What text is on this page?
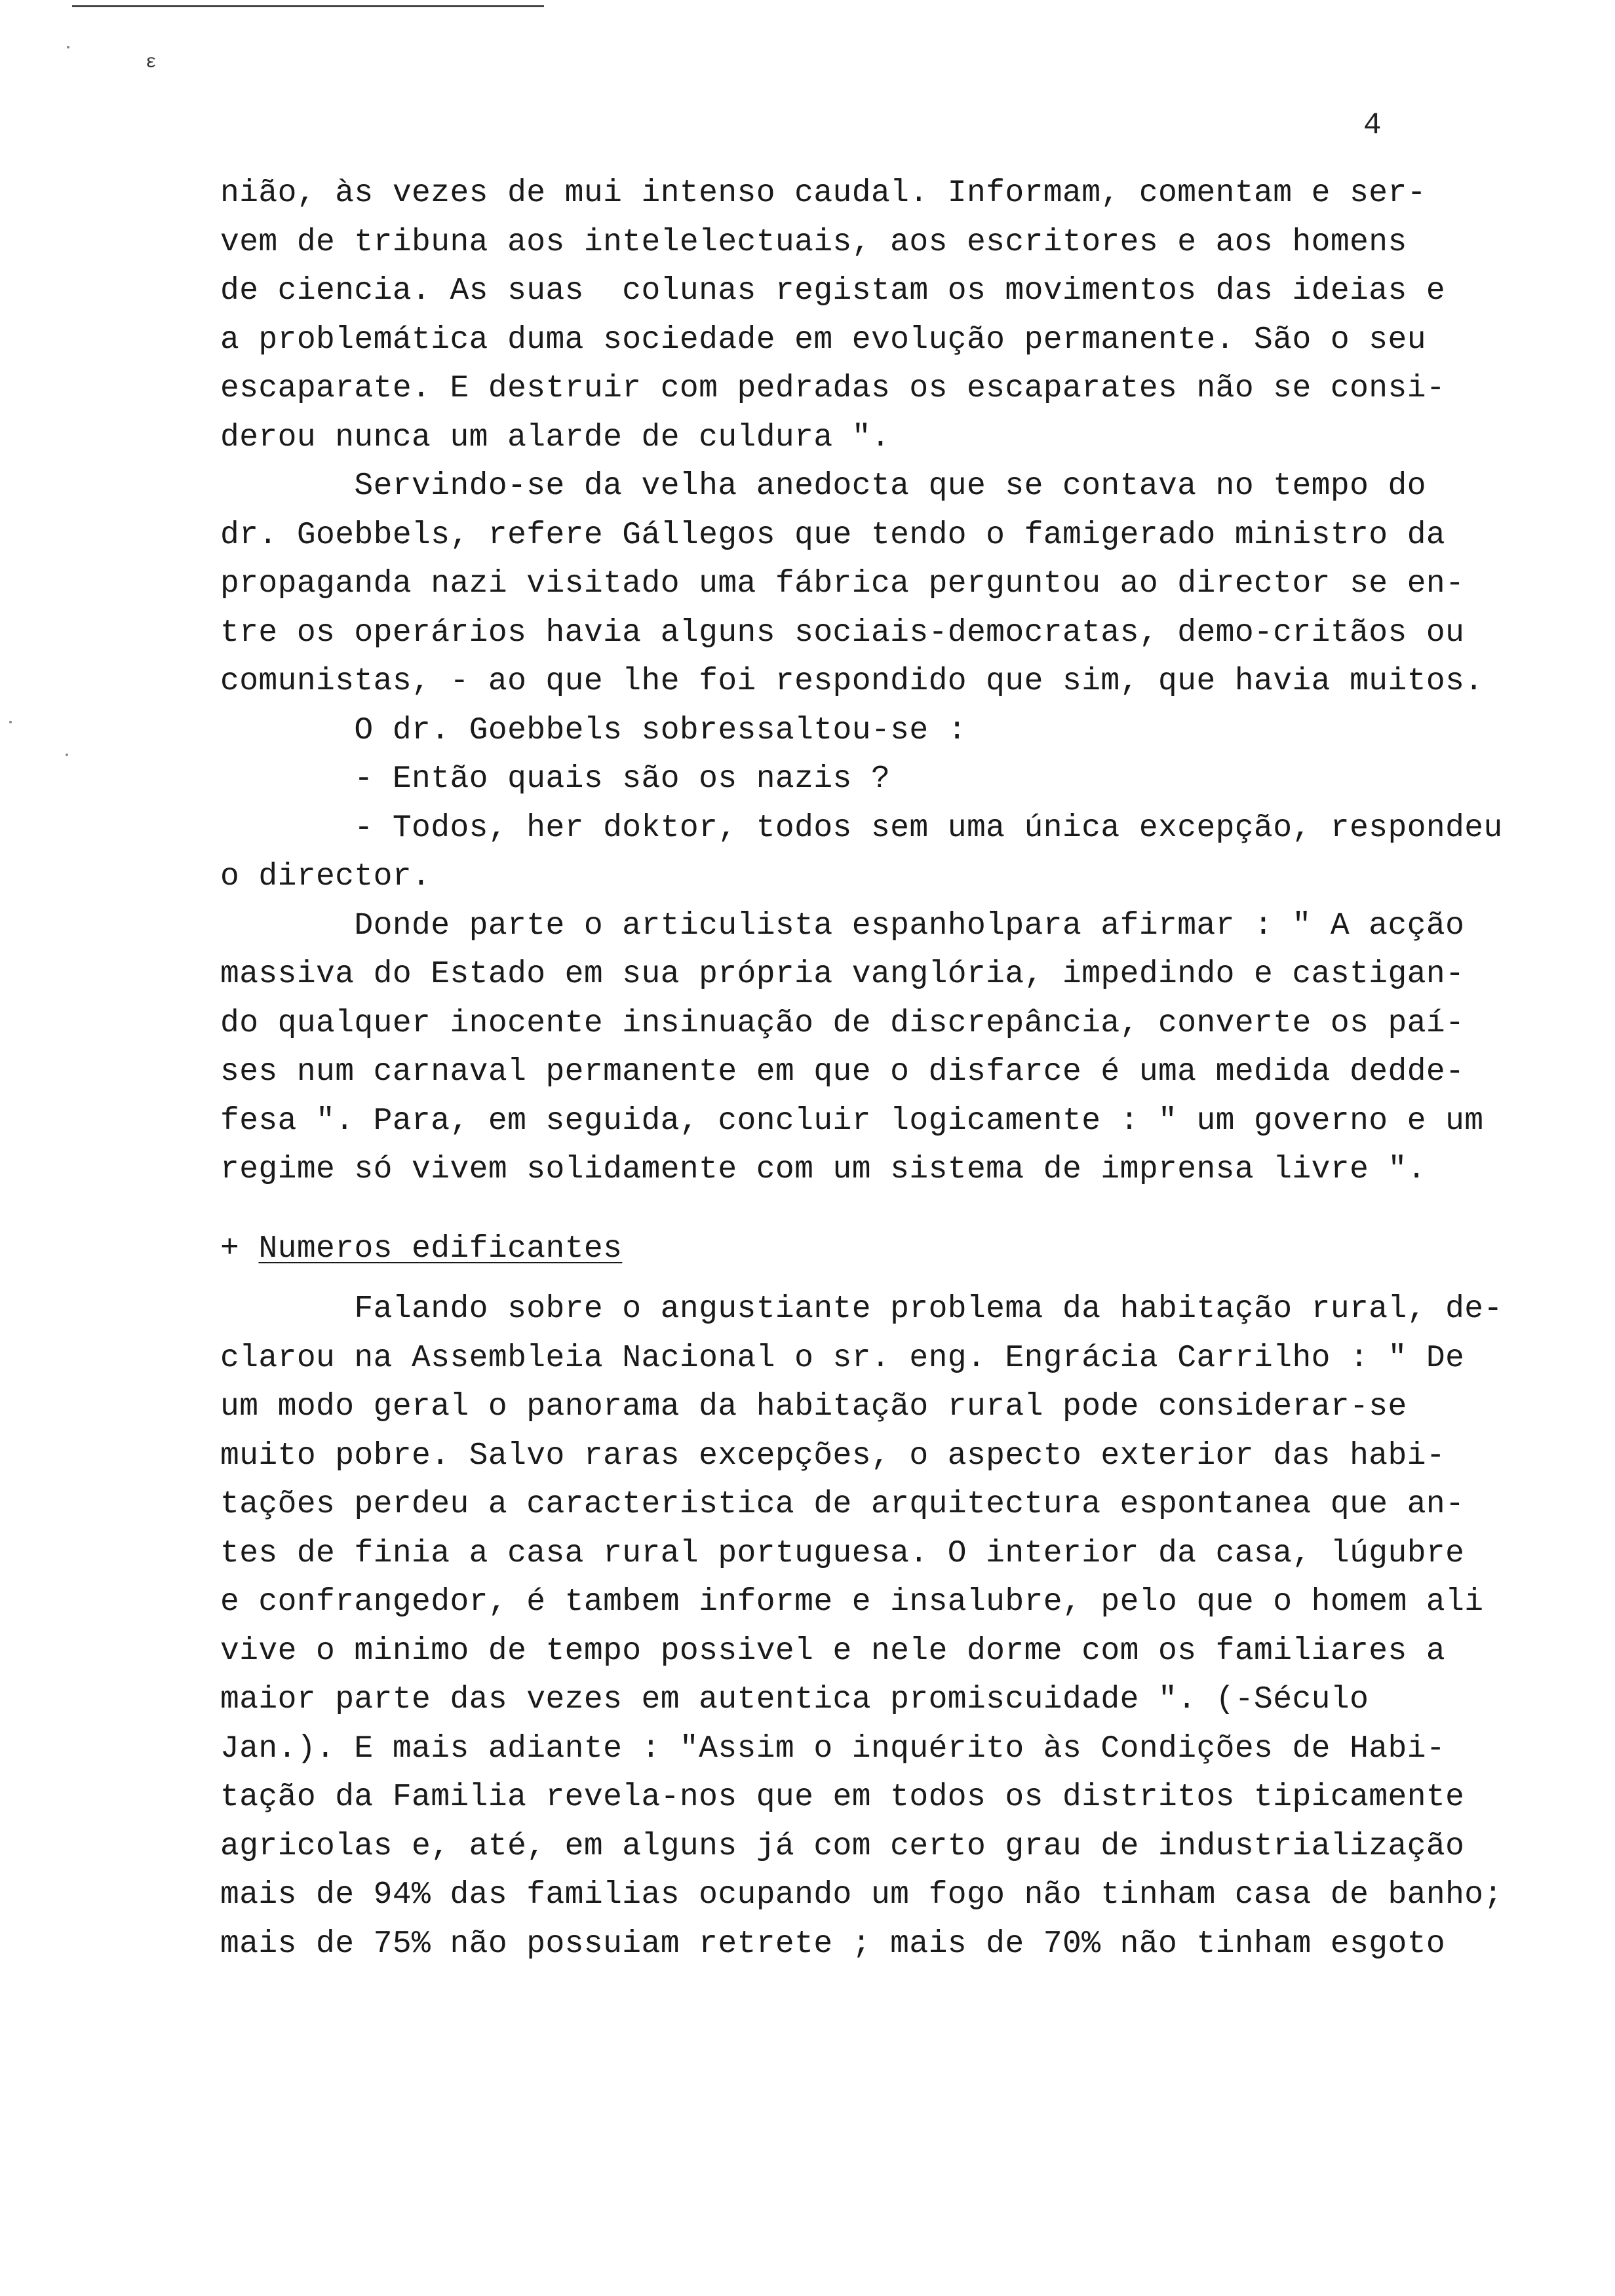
ε
4
nião, às vezes de mui intenso caudal. Informam, comentam e ser-
vem de tribuna aos intelelectuais, aos escritores e aos homens
de ciencia. As suas  colunas registam os movimentos das ideias e
a problemática duma sociedade em evolução permanente. São o seu
escaparate. E destruir com pedradas os escaparates não se consi-
derou nunca um alarde de culdura ".
Servindo-se da velha anedocta que se contava no tempo do
dr. Goebbels, refere Gállegos que tendo o famigerado ministro da
propaganda nazi visitado uma fábrica perguntou ao director se en-
tre os operários havia alguns sociais-democratas, demo-critãos ou
comunistas, - ao que lhe foi respondido que sim, que havia muitos.
O dr. Goebbels sobressaltou-se :
- Então quais são os nazis ?
- Todos, her doktor, todos sem uma única excepção, respondeu
o director.
Donde parte o articulista espanholpara afirmar : " A acção
massiva do Estado em sua própria vanglória, impedindo e castigan-
do qualquer inocente insinuação de discrepância, converte os paí-
ses num carnaval permanente em que o disfarce é uma medida dedde-
fesa ". Para, em seguida, concluir logicamente : " um governo e um
regime só vivem solidamente com um sistema de imprensa livre ".
+ Numeros edificantes
Falando sobre o angustiante problema da habitação rural, de-
clarou na Assembleia Nacional o sr. eng. Engrácia Carrilho : " De
um modo geral o panorama da habitação rural pode considerar-se
muito pobre. Salvo raras excepções, o aspecto exterior das habi-
tações perdeu a caracteristica de arquitectura espontanea que an-
tes de finia a casa rural portuguesa. O interior da casa, lúgubre
e confrangedor, é tambem informe e insalubre, pelo que o homem ali
vive o minimo de tempo possivel e nele dorme com os familiares a
maior parte das vezes em autentica promiscuidade ". (-Século
Jan.). E mais adiante : "Assim o inquérito às Condições de Habi-
tação da Familia revela-nos que em todos os distritos tipicamente
agricolas e, até, em alguns já com certo grau de industrialização
mais de 94% das familias ocupando um fogo não tinham casa de banho;
mais de 75% não possuiam retrete ; mais de 70% não tinham esgoto
